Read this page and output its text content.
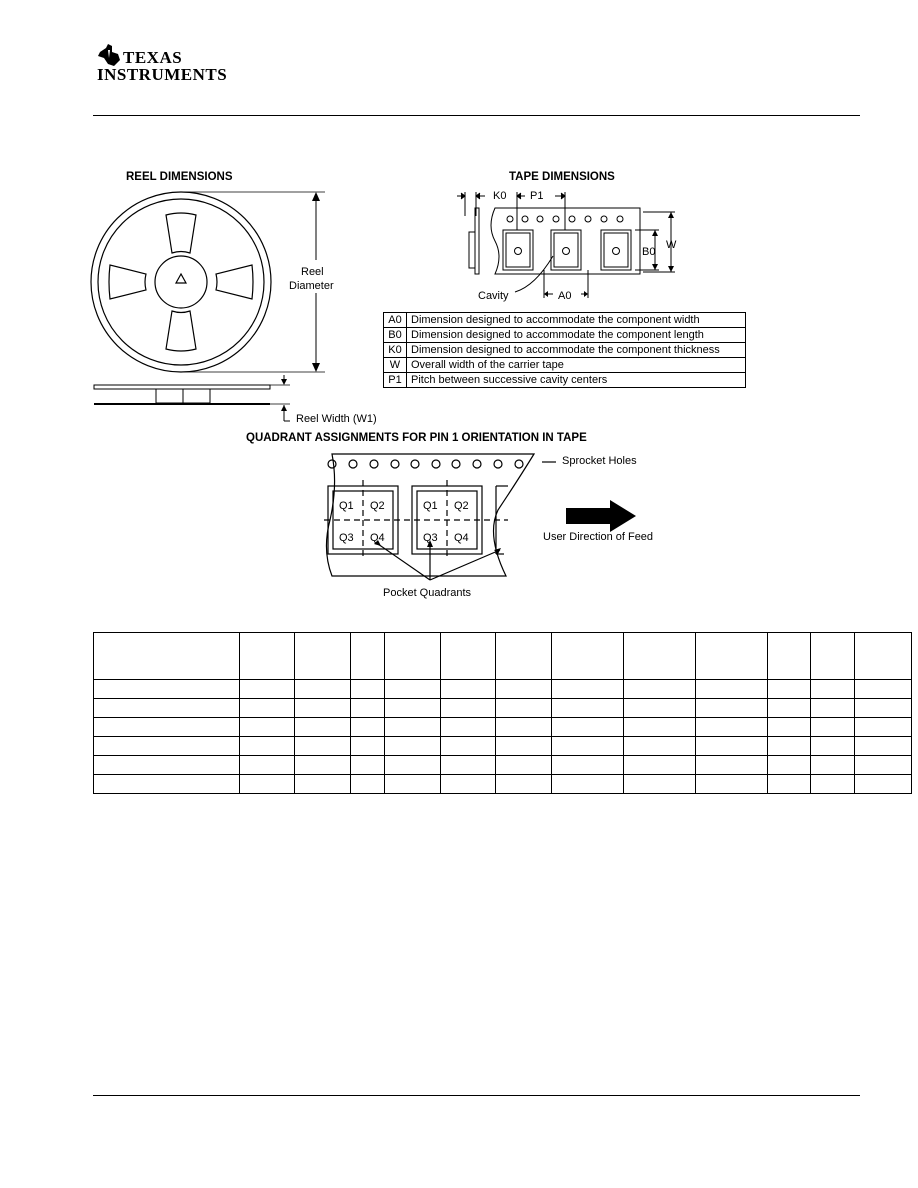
TEXAS
INSTRUMENTS
REEL DIMENSIONS
Reel
Diameter
Reel Width (W1)
TAPE DIMENSIONS
K0 P1
B0
W
Cavity	A0
A0	Dimension designed to accommodate the component width
B0	Dimension designed to accommodate the component length
K0	Dimension designed to accommodate the component thickness
W	Overall width of the carrier tape
P1	Pitch between successive cavity centers
QUADRANT ASSIGNMENTS FOR PIN 1 ORIENTATION IN TAPE
Sprocket Holes
User Direction of Feed
Pocket Quadrants
Q1 Q2
Q3 Q4
Q1 Q2
Q3 Q4
